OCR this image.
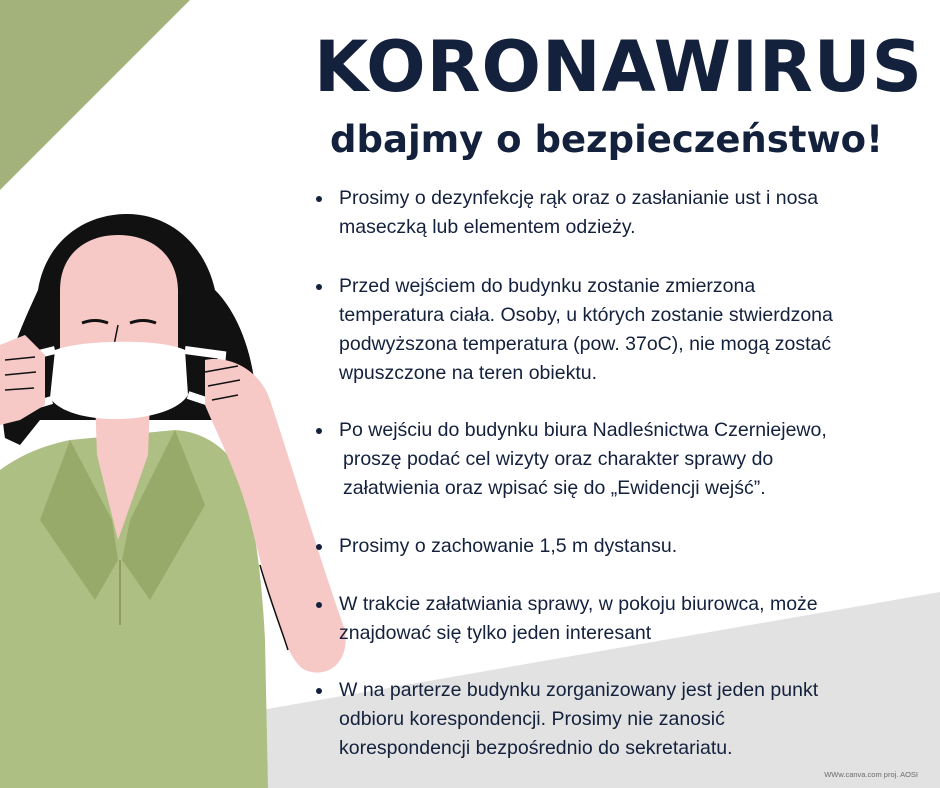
KORONAWIRUS
dbajmy o bezpieczeństwo!
Prosimy o dezynfekcję rąk oraz o zasłanianie ust i nosa
maseczką lub elementem odzieży.
Przed wejściem do budynku zostanie zmierzona
temperatura ciała. Osoby, u których zostanie stwierdzona
podwyższona temperatura (pow. 37oC), nie mogą zostać
wpuszczone na teren obiektu.
Po wejściu do budynku biura Nadleśnictwa Czerniejewo,
proszę podać cel wizyty oraz charakter sprawy do
załatwienia oraz wpisać się do „Ewidencji wejść”.
Prosimy o zachowanie 1,5 m dystansu.
W trakcie załatwiania sprawy, w pokoju biurowca, może
znajdować się tylko jeden interesant
W na parterze budynku zorganizowany jest jeden punkt
odbioru korespondencji. Prosimy nie zanosić
korespondencji bezpośrednio do sekretariatu.
WWw.canva.com proj. AOSI
